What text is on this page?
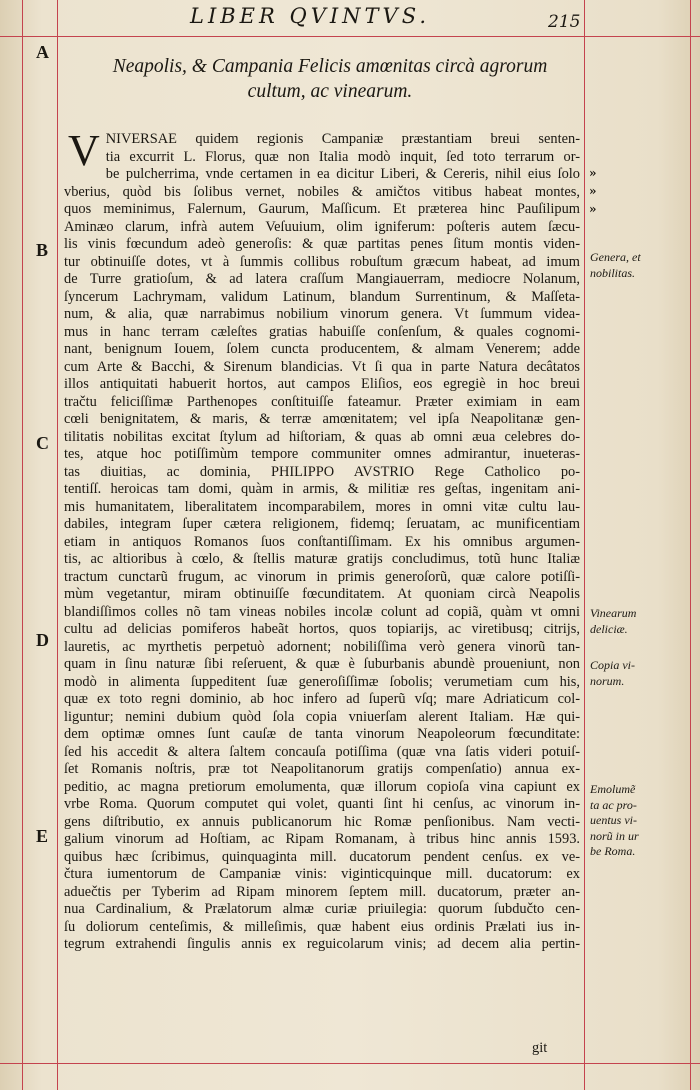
LIBER QVINTVS.	215
A
B
C
D
E
Neapolis, & Campania Felicis amœnitas circà agrorum
cultum, ac vinearum.
V NIVERSAE quidem regionis Campaniæ præstantiam breui senten-
tia excurrit L. Florus, quæ non Italia modò inquit, ſed toto terrarum or-
be pulcherrima, vnde certamen in ea dicitur Liberi, & Cereris, nihil eius ſolo
vberius, quòd bis ſolibus vernet, nobiles & amičtos vitibus habeat montes,
quos meminimus, Falernum, Gaurum, Maſſicum. Et præterea hinc Pauſilipum
Aminæo clarum, infrà autem Veſuuium, olim igniferum: poſteris autem ſæcu-
lis vinis fœcundum adeò generoſis: & quæ partitas penes ſitum montis viden-
tur obtinuiſſe dotes, vt à ſummis collibus robuſtum græcum habeat, ad imum
de Turre gratioſum, & ad latera craſſum Mangiauerram, mediocre Nolanum,
ſyncerum Lachrymam, validum Latinum, blandum Surrentinum, & Maſſeta-
num, & alia, quæ narrabimus nobilium vinorum genera. Vt ſummum videa-
mus in hanc terram cæleſtes gratias habuiſſe conſenſum, & quales cognomi-
nant, benignum Iouem, ſolem cuncta producentem, & almam Venerem; adde
cum Arte & Bacchi, & Sirenum blandicias. Vt ſi qua in parte Natura decâtatos
illos antiquitati habuerit hortos, aut campos Eliſios, eos egregiè in hoc breui
tračtu feliciſſimæ Parthenopes conſtituiſſe fateamur. Præter eximiam in eam
cœli benignitatem, & maris, & terræ amœnitatem; vel ipſa Neapolitanæ gen-
tilitatis nobilitas excitat ſtylum ad hiſtoriam, & quas ab omni æua celebres do-
tes, atque hoc potiſſimùm tempore communiter omnes admirantur, inueteras-
tas diuitias, ac dominia, PHILIPPO AVSTRIO Rege Catholico po-
tentiſſ. heroicas tam domi, quàm in armis, & militiæ res geſtas, ingenitam ani-
mis humanitatem, liberalitatem incomparabilem, mores in omni vitæ cultu lau-
dabiles, integram ſuper cætera religionem, fidemq; ſeruatam, ac munificentiam
etiam in antiquos Romanos ſuos conſtantiſſimam. Ex his omnibus argumen-
tis, ac altioribus à cœlo, & ſtellis maturæ gratijs concludimus, totũ hunc Italiæ
tractum cunctarũ frugum, ac vinorum in primis generoſorũ, quæ calore potiſſi-
mùm vegetantur, miram obtinuiſſe fœcunditatem. At quoniam circà Neapolis
blandiſſimos colles nõ tam vineas nobiles incolæ colunt ad copiã, quàm vt omni
cultu ad delicias pomiferos habeãt hortos, quos topiarijs, ac viretibusq; citrijs,
lauretis, ac myrthetis perpetuò adornent; nobiliſſima verò genera vinorũ tan-
quam in ſinu naturæ ſibi reſeruent, & quæ è ſuburbanis abundè proueniunt, non
modò in alimenta ſuppeditent ſuæ generoſiſſimæ ſobolis; verumetiam cum his,
quæ ex toto regni dominio, ab hoc infero ad ſuperũ vſq; mare Adriaticum col-
liguntur; nemini dubium quòd ſola copia vniuerſam alerent Italiam. Hæ qui-
dem optimæ omnes ſunt cauſæ de tanta vinorum Neapoleorum fœcunditate:
ſed his accedit & altera ſaltem concauſa potiſſima (quæ vna ſatis videri potuiſ-
ſet Romanis noſtris, præ tot Neapolitanorum gratijs compenſatio) annua ex-
peditio, ac magna pretiorum emolumenta, quæ illorum copioſa vina capiunt ex
vrbe Roma. Quorum computet qui volet, quanti ſint hi cenſus, ac vinorum in-
gens diſtributio, ex annuis publicanorum hic Romæ penſionibus. Nam vecti-
galium vinorum ad Hoſtiam, ac Ripam Romanam, à tribus hinc annis 1593.
quibus hæc ſcribimus, quinquaginta mill. ducatorum pendent cenſus. ex ve-
čtura iumentorum de Campaniæ vinis: viginticquinque mill. ducatorum: ex
aduečtis per Tyberim ad Ripam minorem ſeptem mill. ducatorum, præter an-
nua Cardinalium, & Prælatorum almæ curiæ priuilegia: quorum ſubdučto cen-
ſu doliorum centeſimis, & milleſimis, quæ habent eius ordinis Prælati ius in-
tegrum extrahendi ſingulis annis ex reguicolarum vinis; ad decem alia pertin-
git
»
»
»
Genera, et
nobilitas.
Vinearum
deliciæ.
Copia vi-
norum.
Emolumẽ
ta ac pro-
uentus vi-
norũ in ur
be Roma.
